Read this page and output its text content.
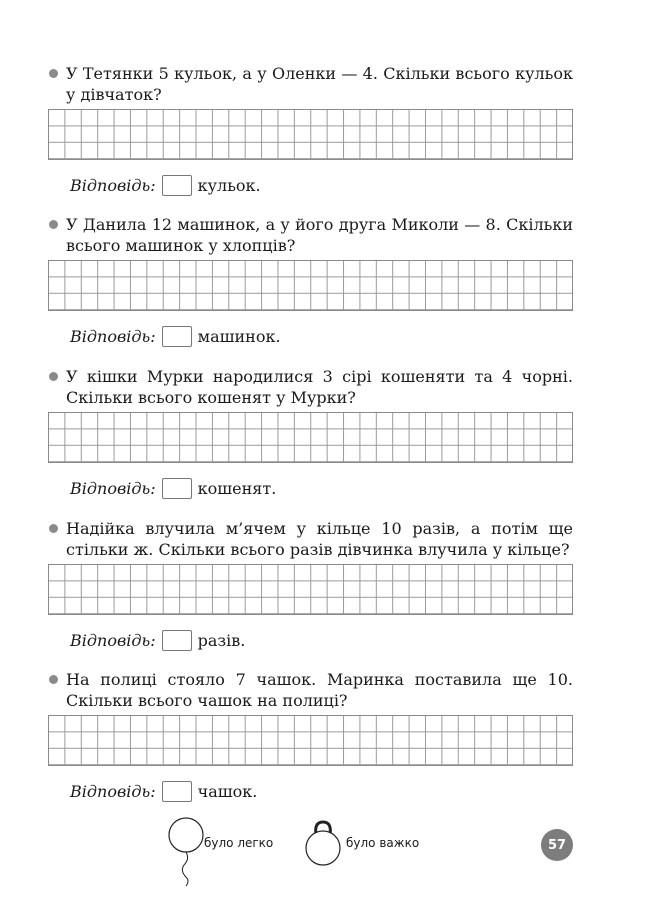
У Тетянки 5 кульок, а у Оленки — 4. Скільки всього кульок у дівчаток?

Відповідь:	кульок.

У Данила 12 машинок, а у його друга Миколи — 8. Скільки всього машинок у хлопців?

Відповідь:	машинок.

У кішки Мурки народилися 3 сірі кошеняти та 4 чорні. Скільки всього кошенят у Мурки?

Відповідь:	кошенят.

Надійка влучила м’ячем у кільце 10 разів, а потім ще стільки ж. Скільки всього разів дівчинка влучила у кільце?

Відповідь:	разів.

На полиці стояло 7 чашок. Маринка поставила ще 10. Скільки всього чашок на полиці?

Відповідь:	чашок.
було легко	було важко	57
